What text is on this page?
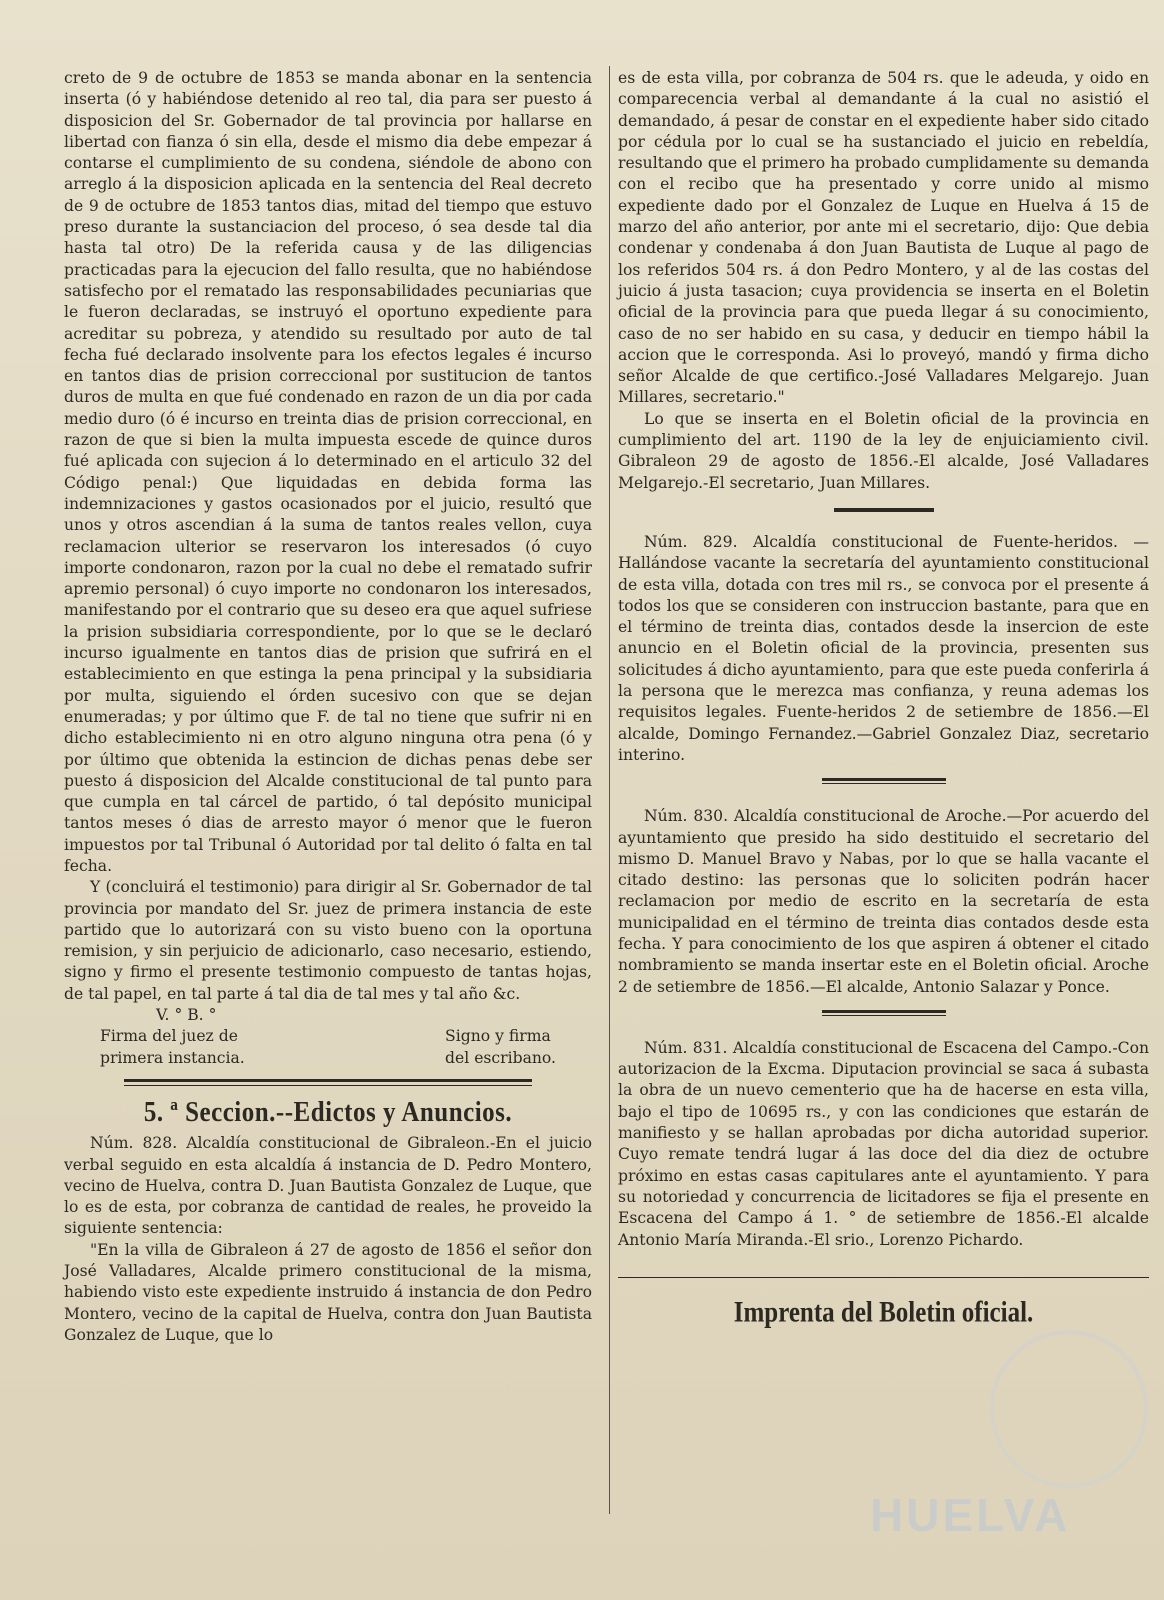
creto de 9 de octubre de 1853 se manda abonar en la sentencia inserta (ó y habiéndose detenido al reo tal, dia para ser puesto á disposicion del Sr. Gobernador de tal provincia por hallarse en libertad con fianza ó sin ella, desde el mismo dia debe empezar á contarse el cumplimiento de su condena, siéndole de abono con arreglo á la disposicion aplicada en la sentencia del Real decreto de 9 de octubre de 1853 tantos dias, mitad del tiempo que estuvo preso durante la sustanciacion del proceso, ó sea desde tal dia hasta tal otro) De la referida causa y de las diligencias practicadas para la ejecucion del fallo resulta, que no habiéndose satisfecho por el rematado las responsabilidades pecuniarias que le fueron declaradas, se instruyó el oportuno expediente para acreditar su pobreza, y atendido su resultado por auto de tal fecha fué declarado insolvente para los efectos legales é incurso en tantos dias de prision correccional por sustitucion de tantos duros de multa en que fué condenado en razon de un dia por cada medio duro (ó é incurso en treinta dias de prision correccional, en razon de que si bien la multa impuesta escede de quince duros fué aplicada con sujecion á lo determinado en el articulo 32 del Código penal:) Que liquidadas en debida forma las indemnizaciones y gastos ocasionados por el juicio, resultó que unos y otros ascendian á la suma de tantos reales vellon, cuya reclamacion ulterior se reservaron los interesados (ó cuyo importe condonaron, razon por la cual no debe el rematado sufrir apremio personal) ó cuyo importe no condonaron los interesados, manifestando por el contrario que su deseo era que aquel sufriese la prision subsidiaria correspondiente, por lo que se le declaró incurso igualmente en tantos dias de prision que sufrirá en el establecimiento en que estinga la pena principal y la subsidiaria por multa, siguiendo el órden sucesivo con que se dejan enumeradas; y por último que F. de tal no tiene que sufrir ni en dicho establecimiento ni en otro alguno ninguna otra pena (ó y por último que obtenida la estincion de dichas penas debe ser puesto á disposicion del Alcalde constitucional de tal punto para que cumpla en tal cárcel de partido, ó tal depósito municipal tantos meses ó dias de arresto mayor ó menor que le fueron impuestos por tal Tribunal ó Autoridad por tal delito ó falta en tal fecha.

Y (concluirá el testimonio) para dirigir al Sr. Gobernador de tal provincia por mandato del Sr. juez de primera instancia de este partido que lo autorizará con su visto bueno con la oportuna remision, y sin perjuicio de adicionarlo, caso necesario, estiendo, signo y firmo el presente testimonio compuesto de tantas hojas, de tal papel, en tal parte á tal dia de tal mes y tal año &c.

V. ° B. °

Firma del juez de
primera instancia.
Signo y firma
del escribano.
5. ª Seccion.--Edictos y Anuncios.

Núm. 828. Alcaldía constitucional de Gibraleon.-En el juicio verbal seguido en esta alcaldía á instancia de D. Pedro Montero, vecino de Huelva, contra D. Juan Bautista Gonzalez de Luque, que lo es de esta, por cobranza de cantidad de reales, he proveido la siguiente sentencia:

"En la villa de Gibraleon á 27 de agosto de 1856 el señor don José Valladares, Alcalde primero constitucional de la misma, habiendo visto este expediente instruido á instancia de don Pedro Montero, vecino de la capital de Huelva, contra don Juan Bautista Gonzalez de Luque, que lo

es de esta villa, por cobranza de 504 rs. que le adeuda, y oido en comparecencia verbal al demandante á la cual no asistió el demandado, á pesar de constar en el expediente haber sido citado por cédula por lo cual se ha sustanciado el juicio en rebeldía, resultando que el primero ha probado cumplidamente su demanda con el recibo que ha presentado y corre unido al mismo expediente dado por el Gonzalez de Luque en Huelva á 15 de marzo del año anterior, por ante mi el secretario, dijo: Que debia condenar y condenaba á don Juan Bautista de Luque al pago de los referidos 504 rs. á don Pedro Montero, y al de las costas del juicio á justa tasacion; cuya providencia se inserta en el Boletin oficial de la provincia para que pueda llegar á su conocimiento, caso de no ser habido en su casa, y deducir en tiempo hábil la accion que le corresponda. Asi lo proveyó, mandó y firma dicho señor Alcalde de que certifico.-José Valladares Melgarejo. Juan Millares, secretario."

Lo que se inserta en el Boletin oficial de la provincia en cumplimiento del art. 1190 de la ley de enjuiciamiento civil. Gibraleon 29 de agosto de 1856.-El alcalde, José Valladares Melgarejo.-El secretario, Juan Millares.

Núm. 829. Alcaldía constitucional de Fuente-heridos. —Hallándose vacante la secretaría del ayuntamiento constitucional de esta villa, dotada con tres mil rs., se convoca por el presente á todos los que se consideren con instruccion bastante, para que en el término de treinta dias, contados desde la insercion de este anuncio en el Boletin oficial de la provincia, presenten sus solicitudes á dicho ayuntamiento, para que este pueda conferirla á la persona que le merezca mas confianza, y reuna ademas los requisitos legales. Fuente-heridos 2 de setiembre de 1856.—El alcalde, Domingo Fernandez.—Gabriel Gonzalez Diaz, secretario interino.

Núm. 830. Alcaldía constitucional de Aroche.—Por acuerdo del ayuntamiento que presido ha sido destituido el secretario del mismo D. Manuel Bravo y Nabas, por lo que se halla vacante el citado destino: las personas que lo soliciten podrán hacer reclamacion por medio de escrito en la secretaría de esta municipalidad en el término de treinta dias contados desde esta fecha. Y para conocimiento de los que aspiren á obtener el citado nombramiento se manda insertar este en el Boletin oficial. Aroche 2 de setiembre de 1856.—El alcalde, Antonio Salazar y Ponce.

Núm. 831. Alcaldía constitucional de Escacena del Campo.-Con autorizacion de la Excma. Diputacion provincial se saca á subasta la obra de un nuevo cementerio que ha de hacerse en esta villa, bajo el tipo de 10695 rs., y con las condiciones que estarán de manifiesto y se hallan aprobadas por dicha autoridad superior. Cuyo remate tendrá lugar á las doce del dia diez de octubre próximo en estas casas capitulares ante el ayuntamiento. Y para su notoriedad y concurrencia de licitadores se fija el presente en Escacena del Campo á 1. ° de setiembre de 1856.-El alcalde Antonio María Miranda.-El srio., Lorenzo Pichardo.

Imprenta del Boletin oficial.
HUELVA
